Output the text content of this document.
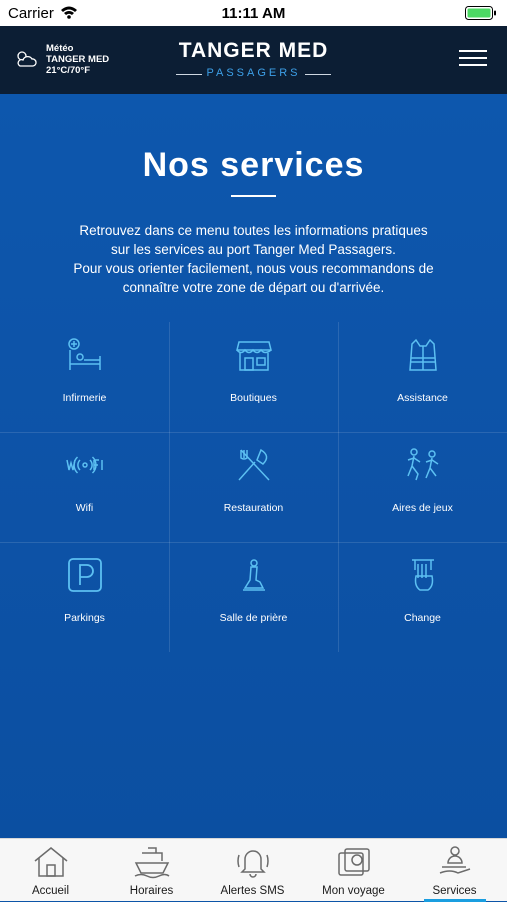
Carrier	11:11 AM
Météo
TANGER MED
21°C/70°F
TANGER MED
PASSAGERS
Nos services
Retrouvez dans ce menu toutes les informations pratiques
sur les services au port Tanger Med Passagers.
Pour vous orienter facilement, nous vous recommandons de
connaître votre zone de départ ou d'arrivée.
Infirmerie	Boutiques	Assistance
Wifi	Restauration	Aires de jeux
Parkings	Salle de prière	Change
Accueil	Horaires	Alertes SMS	Mon voyage	Services
